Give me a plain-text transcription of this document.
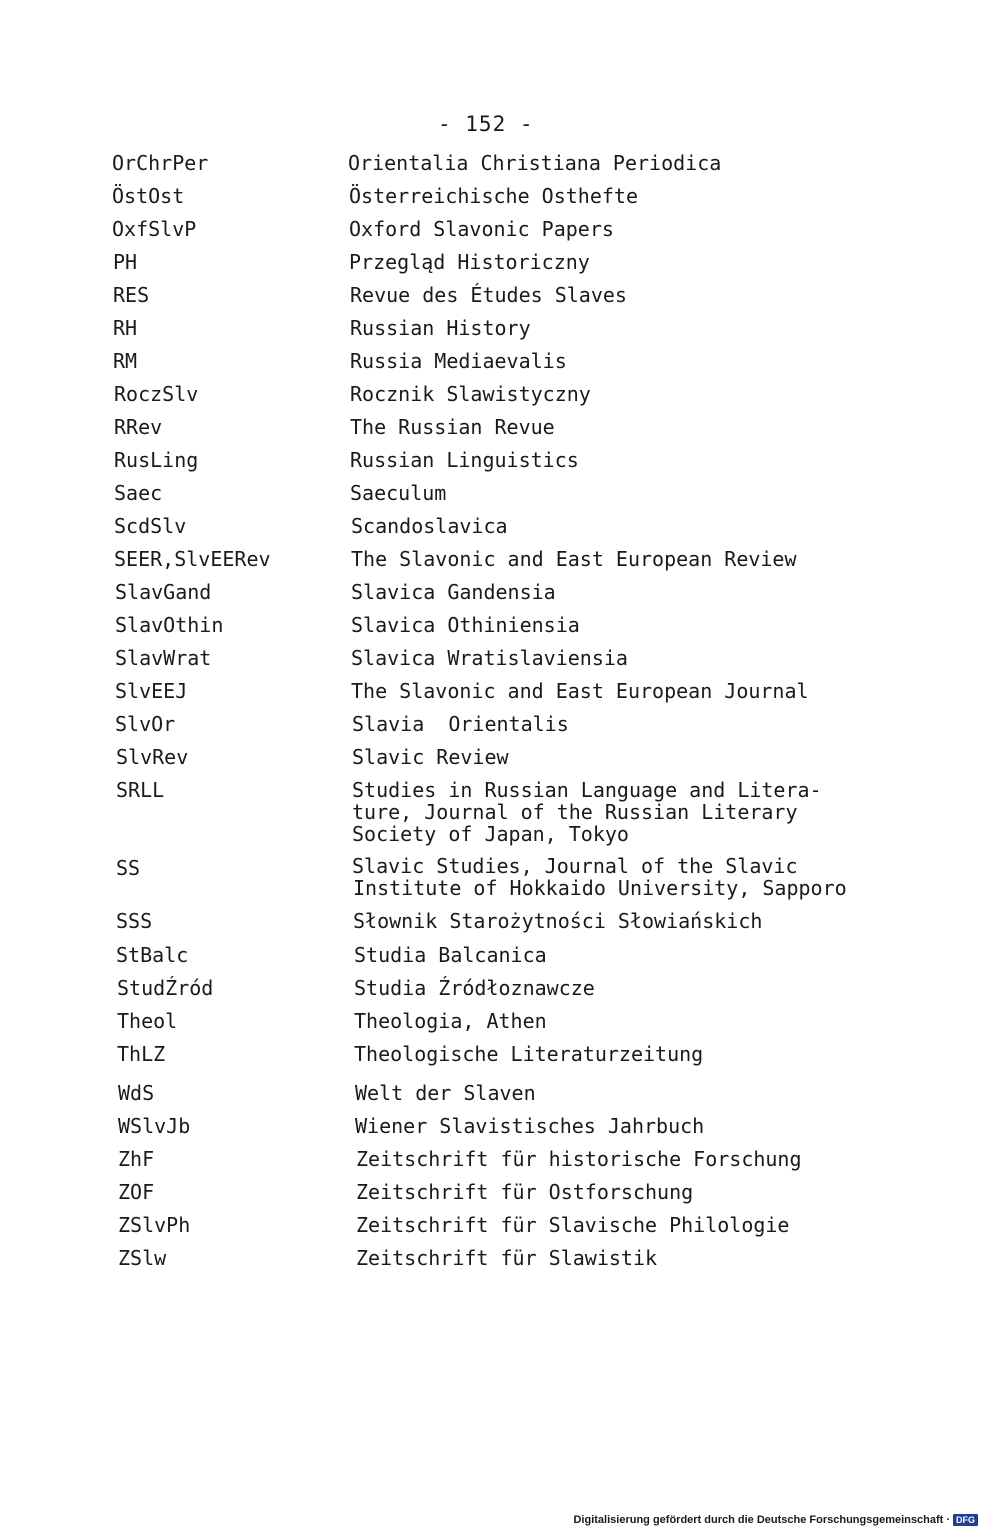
- 152 -
OrChrPer	Orientalia Christiana Periodica
ÖstOst	Österreichische Osthefte
OxfSlvP	Oxford Slavonic Papers
PH	Przegląd Historiczny
RES	Revue des Études Slaves
RH	Russian History
RM	Russia Mediaevalis
RoczSlv	Rocznik Slawistyczny
RRev	The Russian Revue
RusLing	Russian Linguistics
Saec	Saeculum
ScdSlv	Scandoslavica
SEER,SlvEERev	The Slavonic and East European Review
SlavGand	Slavica Gandensia
SlavOthin	Slavica Othiniensia
SlavWrat	Slavica Wratislaviensia
SlvEEJ	The Slavonic and East European Journal
SlvOr	Slavia  Orientalis
SlvRev	Slavic Review
SRLL	Studies in Russian Language and Litera-
ture, Journal of the Russian Literary
Society of Japan, Tokyo
SS	Slavic Studies, Journal of the Slavic
Institute of Hokkaido University, Sapporo
SSS	Słownik Starożytności Słowiańskich
StBalc	Studia Balcanica
StudŹród	Studia Źródłoznawcze
Theol	Theologia, Athen
ThLZ	Theologische Literaturzeitung
WdS	Welt der Slaven
WSlvJb	Wiener Slavistisches Jahrbuch
ZhF	Zeitschrift für historische Forschung
ZOF	Zeitschrift für Ostforschung
ZSlvPh	Zeitschrift für Slavische Philologie
ZSlw	Zeitschrift für Slawistik
Digitalisierung gefördert durch die Deutsche Forschungsgemeinschaft · DFG
